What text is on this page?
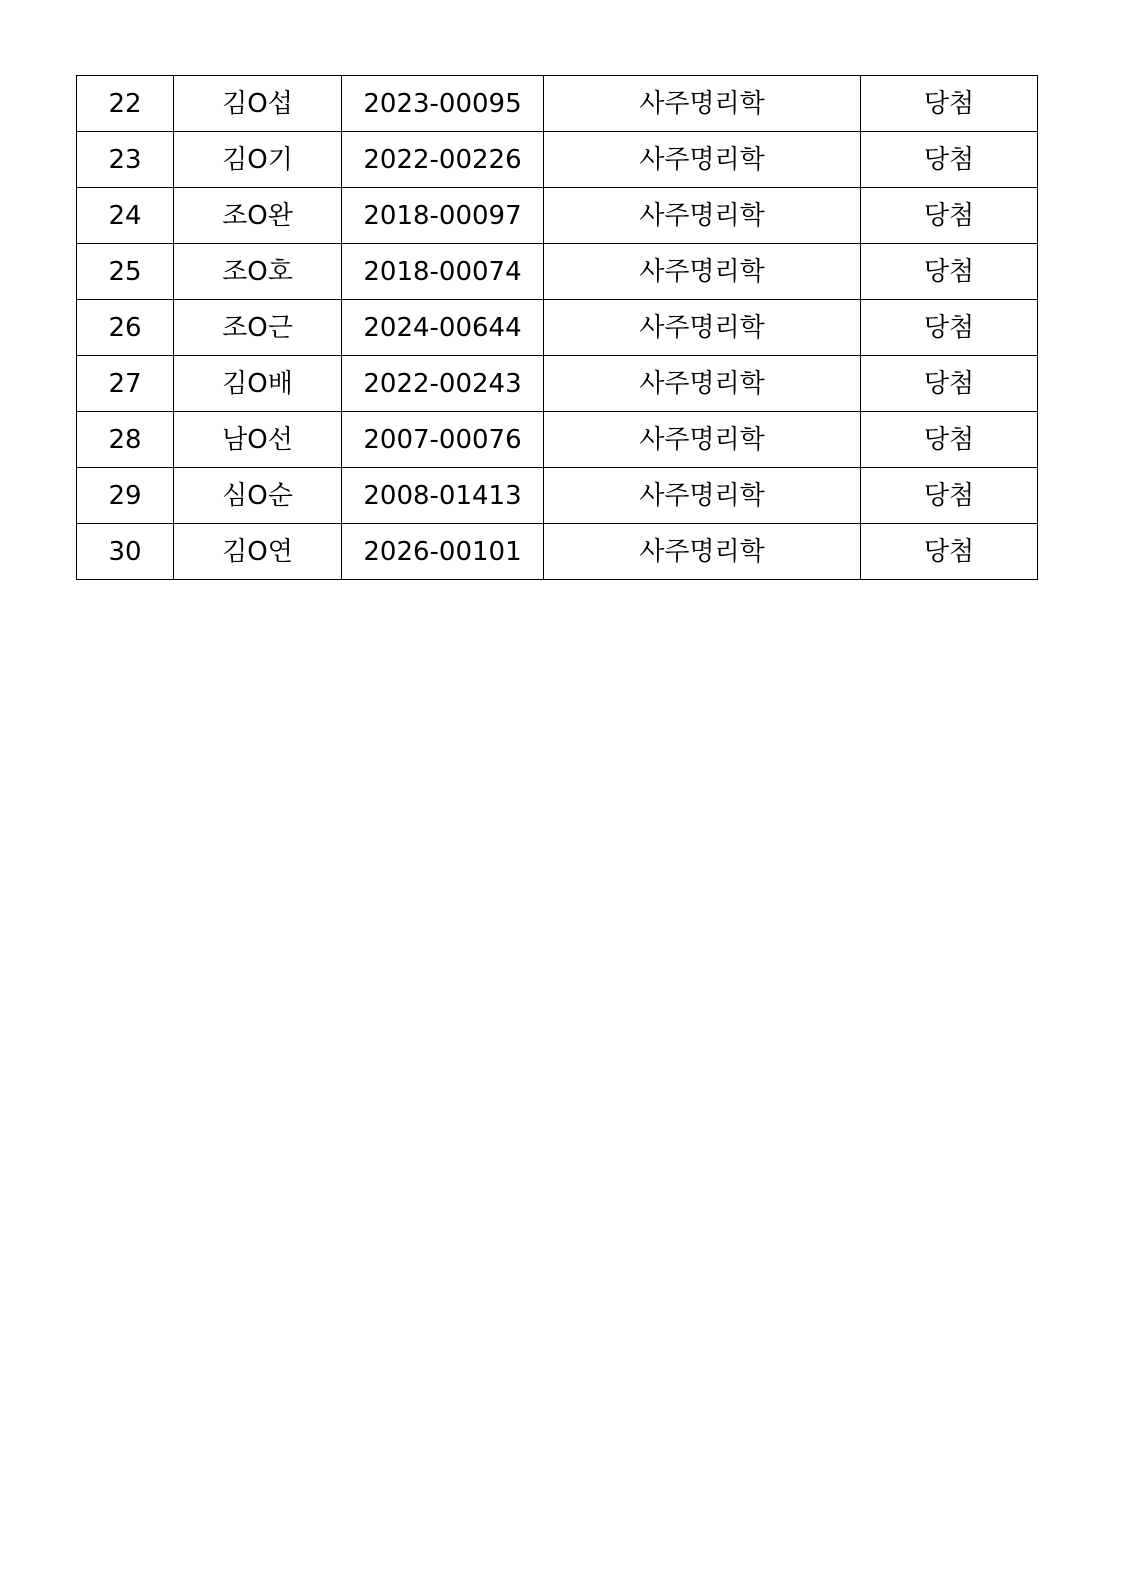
22	김O섭	2023-00095	사주명리학	당첨
23	김O기	2022-00226	사주명리학	당첨
24	조O완	2018-00097	사주명리학	당첨
25	조O호	2018-00074	사주명리학	당첨
26	조O근	2024-00644	사주명리학	당첨
27	김O배	2022-00243	사주명리학	당첨
28	남O선	2007-00076	사주명리학	당첨
29	심O순	2008-01413	사주명리학	당첨
30	김O연	2026-00101	사주명리학	당첨
